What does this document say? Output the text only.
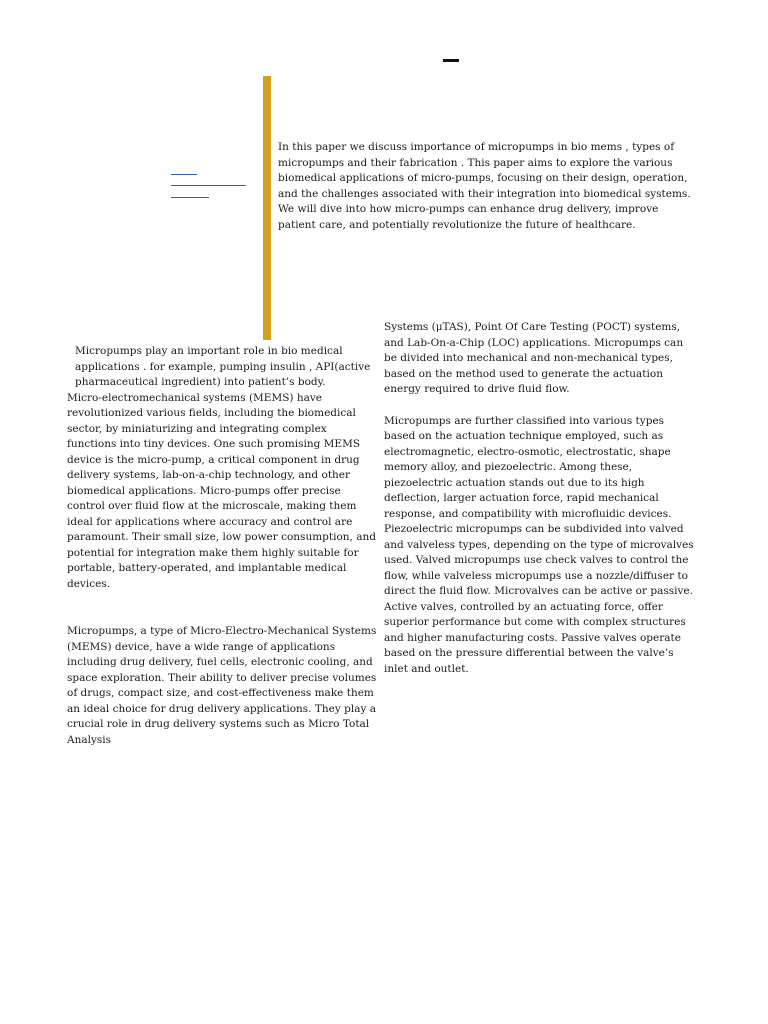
In this paper we discuss importance of micropumps in bio mems , types of micropumps and their fabrication . This paper aims to explore the various biomedical applications of micro-pumps, focusing on their design, operation, and the challenges associated with their integration into biomedical systems. We will dive into how micro-pumps can enhance drug delivery, improve patient care, and potentially revolutionize the future of healthcare.

Micropumps play an important role in bio medical applications . for example, pumping insulin , API(active pharmaceutical ingredient) into patient’s body.

Micro-electromechanical systems (MEMS) have revolutionized various fields, including the biomedical sector, by miniaturizing and integrating complex functions into tiny devices. One such promising MEMS device is the micro-pump, a critical component in drug delivery systems, lab-on-a-chip technology, and other biomedical applications. Micro-pumps offer precise control over fluid flow at the microscale, making them ideal for applications where accuracy and control are paramount. Their small size, low power consumption, and potential for integration make them highly suitable for portable, battery-operated, and implantable medical devices.

Micropumps, a type of Micro-Electro-Mechanical Systems (MEMS) device, have a wide range of applications including drug delivery, fuel cells, electronic cooling, and space exploration. Their ability to deliver precise volumes of drugs, compact size, and cost-effectiveness make them an ideal choice for drug delivery applications. They play a crucial role in drug delivery systems such as Micro Total Analysis

Systems (μTAS), Point Of Care Testing (POCT) systems, and Lab-On-a-Chip (LOC) applications. Micropumps can be divided into mechanical and non-mechanical types, based on the method used to generate the actuation energy required to drive fluid flow.

Micropumps are further classified into various types based on the actuation technique employed, such as electromagnetic, electro-osmotic, electrostatic, shape memory alloy, and piezoelectric. Among these, piezoelectric actuation stands out due to its high deflection, larger actuation force, rapid mechanical response, and compatibility with microfluidic devices. Piezoelectric micropumps can be subdivided into valved and valveless types, depending on the type of microvalves used. Valved micropumps use check valves to control the flow, while valveless micropumps use a nozzle/diffuser to direct the fluid flow. Microvalves can be active or passive. Active valves, controlled by an actuating force, offer superior performance but come with complex structures and higher manufacturing costs. Passive valves operate based on the pressure differential between the valve’s inlet and outlet.
